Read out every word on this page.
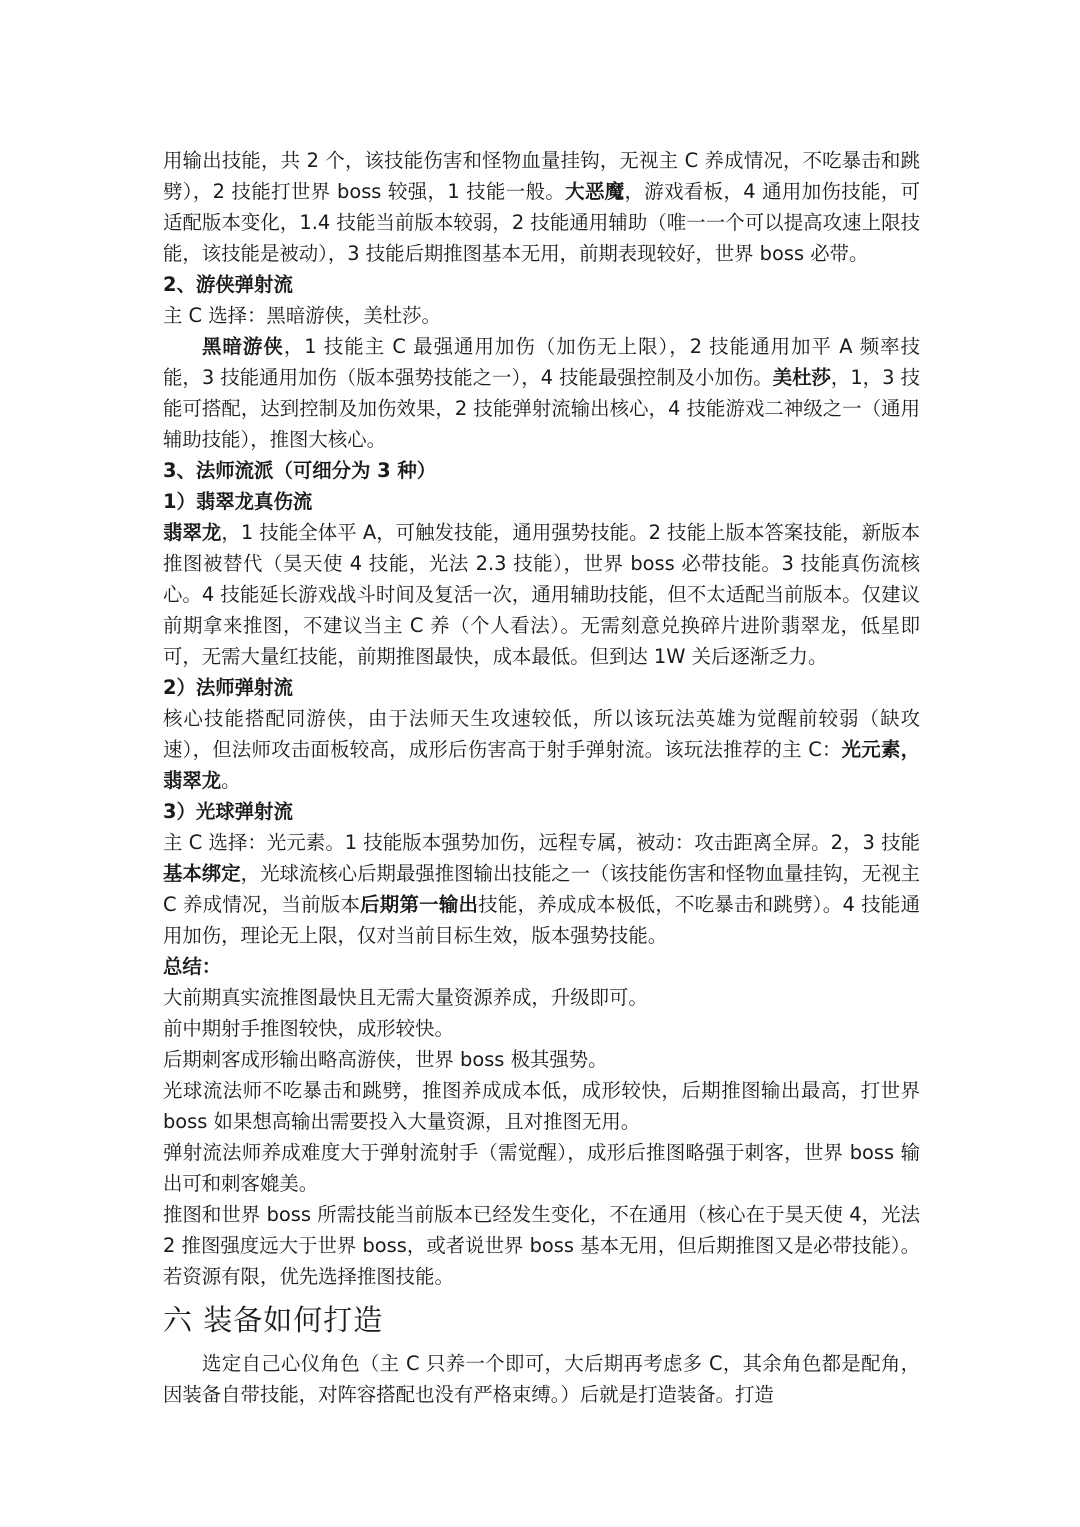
用输出技能，共 2 个，该技能伤害和怪物血量挂钩，无视主 C 养成情况，不吃暴击和跳劈），2 技能打世界 boss 较强，1 技能一般。大恶魔，游戏看板，4 通用加伤技能，可适配版本变化，1.4 技能当前版本较弱，2 技能通用辅助（唯一一个可以提高攻速上限技能，该技能是被动），3 技能后期推图基本无用，前期表现较好，世界 boss 必带。

2、游侠弹射流

主 C 选择：黑暗游侠，美杜莎。

黑暗游侠，1 技能主 C 最强通用加伤（加伤无上限），2 技能通用加平 A 频率技能，3 技能通用加伤（版本强势技能之一），4 技能最强控制及小加伤。美杜莎，1，3 技能可搭配，达到控制及加伤效果，2 技能弹射流输出核心，4 技能游戏二神级之一（通用辅助技能），推图大核心。

3、法师流派（可细分为 3 种）
1）翡翠龙真伤流

翡翠龙，1 技能全体平 A，可触发技能，通用强势技能。2 技能上版本答案技能，新版本推图被替代（昊天使 4 技能，光法 2.3 技能），世界 boss 必带技能。3 技能真伤流核心。4 技能延长游戏战斗时间及复活一次，通用辅助技能，但不太适配当前版本。仅建议前期拿来推图，不建议当主 C 养（个人看法）。无需刻意兑换碎片进阶翡翠龙，低星即可，无需大量红技能，前期推图最快，成本最低。但到达 1W 关后逐渐乏力。

2）法师弹射流

核心技能搭配同游侠，由于法师天生攻速较低，所以该玩法英雄为觉醒前较弱（缺攻速），但法师攻击面板较高，成形后伤害高于射手弹射流。该玩法推荐的主 C：光元素，翡翠龙。

3）光球弹射流

主 C 选择：光元素。1 技能版本强势加伤，远程专属，被动：攻击距离全屏。2，3 技能基本绑定，光球流核心后期最强推图输出技能之一（该技能伤害和怪物血量挂钩，无视主 C 养成情况，当前版本后期第一输出技能，养成成本极低，不吃暴击和跳劈）。4 技能通用加伤，理论无上限，仅对当前目标生效，版本强势技能。

总结：

大前期真实流推图最快且无需大量资源养成，升级即可。

前中期射手推图较快，成形较快。

后期刺客成形输出略高游侠，世界 boss 极其强势。

光球流法师不吃暴击和跳劈，推图养成成本低，成形较快，后期推图输出最高，打世界 boss 如果想高输出需要投入大量资源，且对推图无用。

弹射流法师养成难度大于弹射流射手（需觉醒），成形后推图略强于刺客，世界 boss 输出可和刺客媲美。

推图和世界 boss 所需技能当前版本已经发生变化，不在通用（核心在于昊天使 4，光法 2 推图强度远大于世界 boss，或者说世界 boss 基本无用，但后期推图又是必带技能）。若资源有限，优先选择推图技能。

六 装备如何打造

选定自己心仪角色（主 C 只养一个即可，大后期再考虑多 C，其余角色都是配角，因装备自带技能，对阵容搭配也没有严格束缚。）后就是打造装备。打造
